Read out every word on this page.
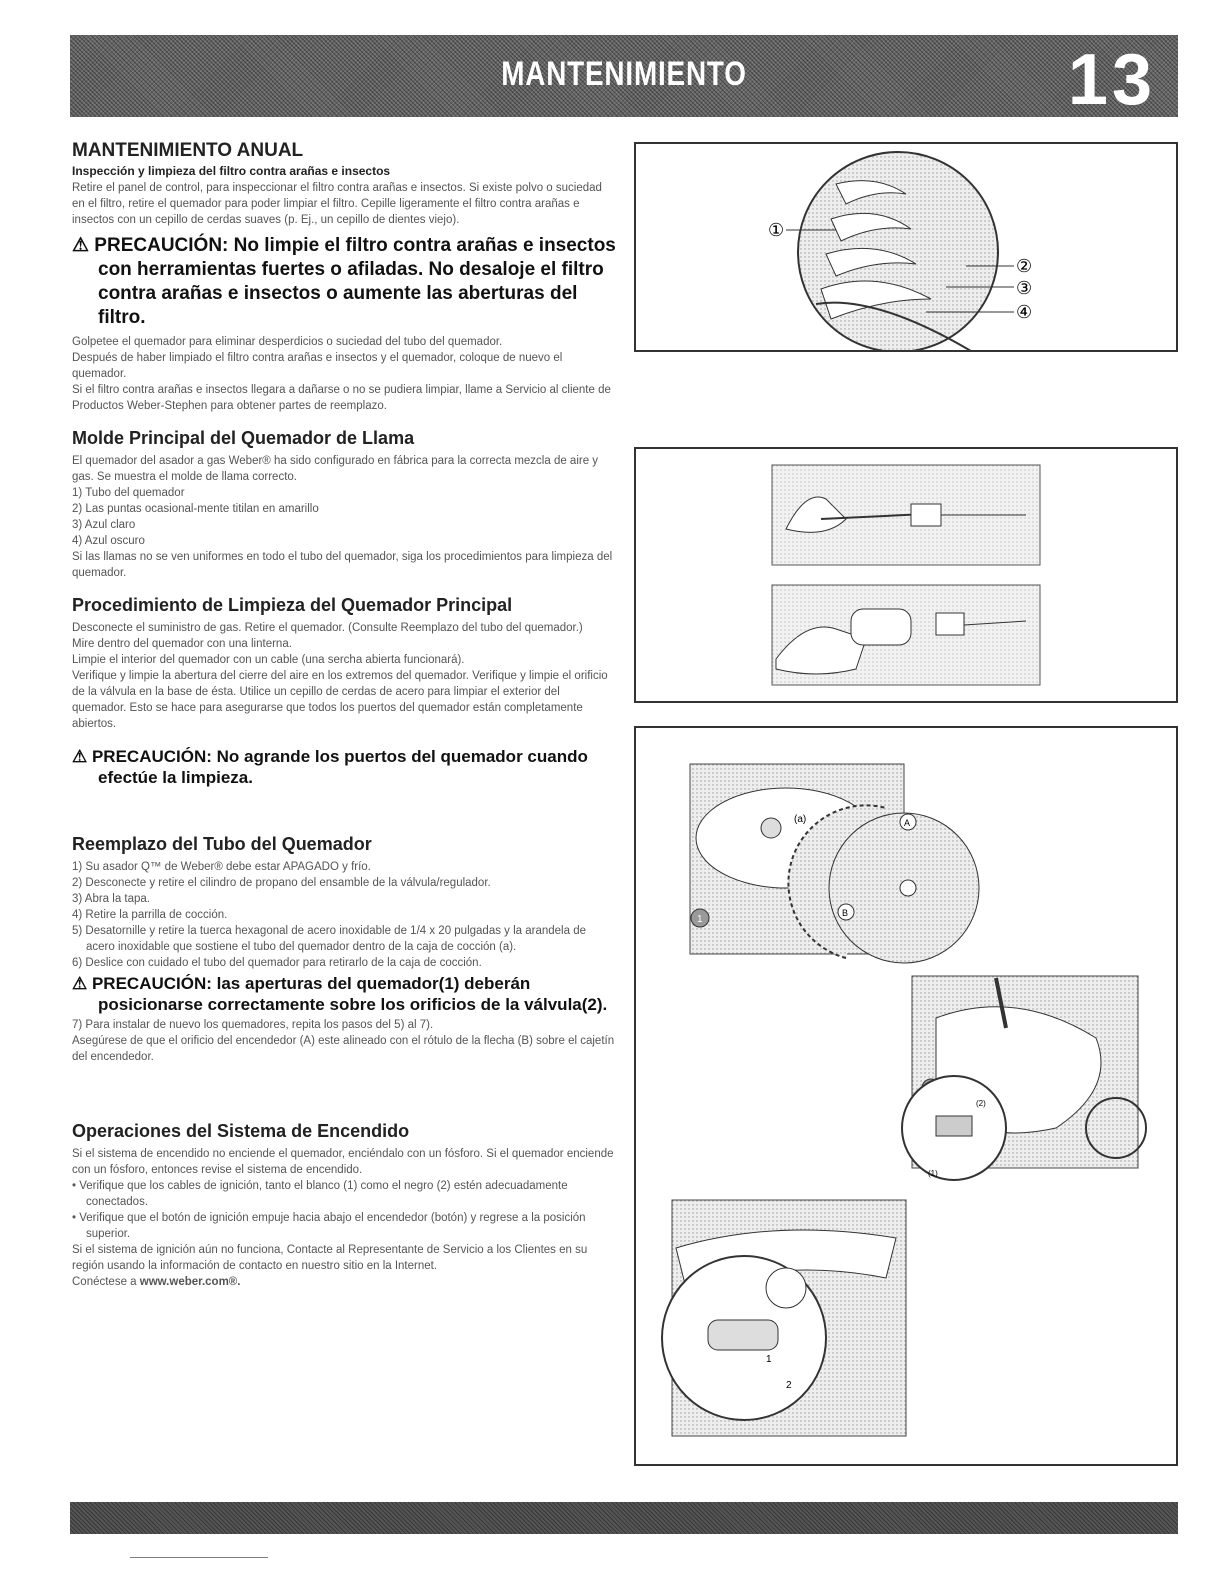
MANTENIMIENTO	13
MANTENIMIENTO ANUAL
Inspección y limpieza del filtro contra arañas e insectos

Retire el panel de control, para inspeccionar el filtro contra arañas e insectos. Si existe polvo o suciedad en el filtro, retire el quemador para poder limpiar el filtro. Cepille ligeramente el filtro contra arañas e insectos con un cepillo de cerdas suaves (p. Ej., un cepillo de dientes viejo).

⚠ PRECAUCIÓN: No limpie el filtro contra arañas e insectos con herramientas fuertes o afiladas. No desaloje el filtro contra arañas e insectos o aumente las aberturas del filtro.

Golpetee el quemador para eliminar desperdicios o suciedad del tubo del quemador.

Después de haber limpiado el filtro contra arañas e insectos y el quemador, coloque de nuevo el quemador.

Si el filtro contra arañas e insectos llegara a dañarse o no se pudiera limpiar, llame a Servicio al cliente de Productos Weber-Stephen para obtener partes de reemplazo.

Molde Principal del Quemador de Llama

El quemador del asador a gas Weber® ha sido configurado en fábrica para la correcta mezcla de aire y gas. Se muestra el molde de llama correcto.

1) Tubo del quemador

2) Las puntas ocasional-mente titilan en amarillo

3) Azul claro

4) Azul oscuro

Si las llamas no se ven uniformes en todo el tubo del quemador, siga los procedimientos para limpieza del quemador.

Procedimiento de Limpieza del Quemador Principal

Desconecte el suministro de gas. Retire el quemador. (Consulte Reemplazo del tubo del quemador.)

Mire dentro del quemador con una linterna.

Limpie el interior del quemador con un cable (una sercha abierta funcionará).

Verifique y limpie la abertura del cierre del aire en los extremos del quemador. Verifique y limpie el orificio de la válvula en la base de ésta. Utilice un cepillo de cerdas de acero para limpiar el exterior del quemador. Esto se hace para asegurarse que todos los puertos del quemador están completamente abiertos.

⚠ PRECAUCIÓN: No agrande los puertos del quemador cuando efectúe la limpieza.
Reemplazo del Tubo del Quemador

1) Su asador Q™ de Weber® debe estar APAGADO y frío.

2) Desconecte y retire el cilindro de propano del ensamble de la válvula/regulador.

3) Abra la tapa.

4) Retire la parrilla de cocción.

5) Desatornille y retire la tuerca hexagonal de acero inoxidable de 1/4 x 20 pulgadas y la arandela de acero inoxidable que sostiene el tubo del quemador dentro de la caja de cocción (a).

6) Deslice con cuidado el tubo del quemador para retirarlo de la caja de cocción.

⚠ PRECAUCIÓN: las aperturas del quemador(1) deberán posicionarse correctamente sobre los orificios de la válvula(2).

7) Para instalar de nuevo los quemadores, repita los pasos del 5) al 7).

Asegúrese de que el orificio del encendedor (A) este alineado con el rótulo de la flecha (B) sobre el cajetín del encendedor.

Operaciones del Sistema de Encendido

Si el sistema de encendido no enciende el quemador, enciéndalo con un fósforo. Si el quemador enciende con un fósforo, entonces revise el sistema de encendido.

• Verifique que los cables de ignición, tanto el blanco (1) como el negro (2) estén adecuadamente conectados.

• Verifique que el botón de ignición empuje hacia abajo el encendedor (botón) y regrese a la posición superior.

Si el sistema de ignición aún no funciona, Contacte al Representante de Servicio a los Clientes en su región usando la información de contacto en nuestro sitio en la Internet.

Conéctese a www.weber.com®.

①
②
③
④
(a)	A
B
1
(1)
(2)
1
2
